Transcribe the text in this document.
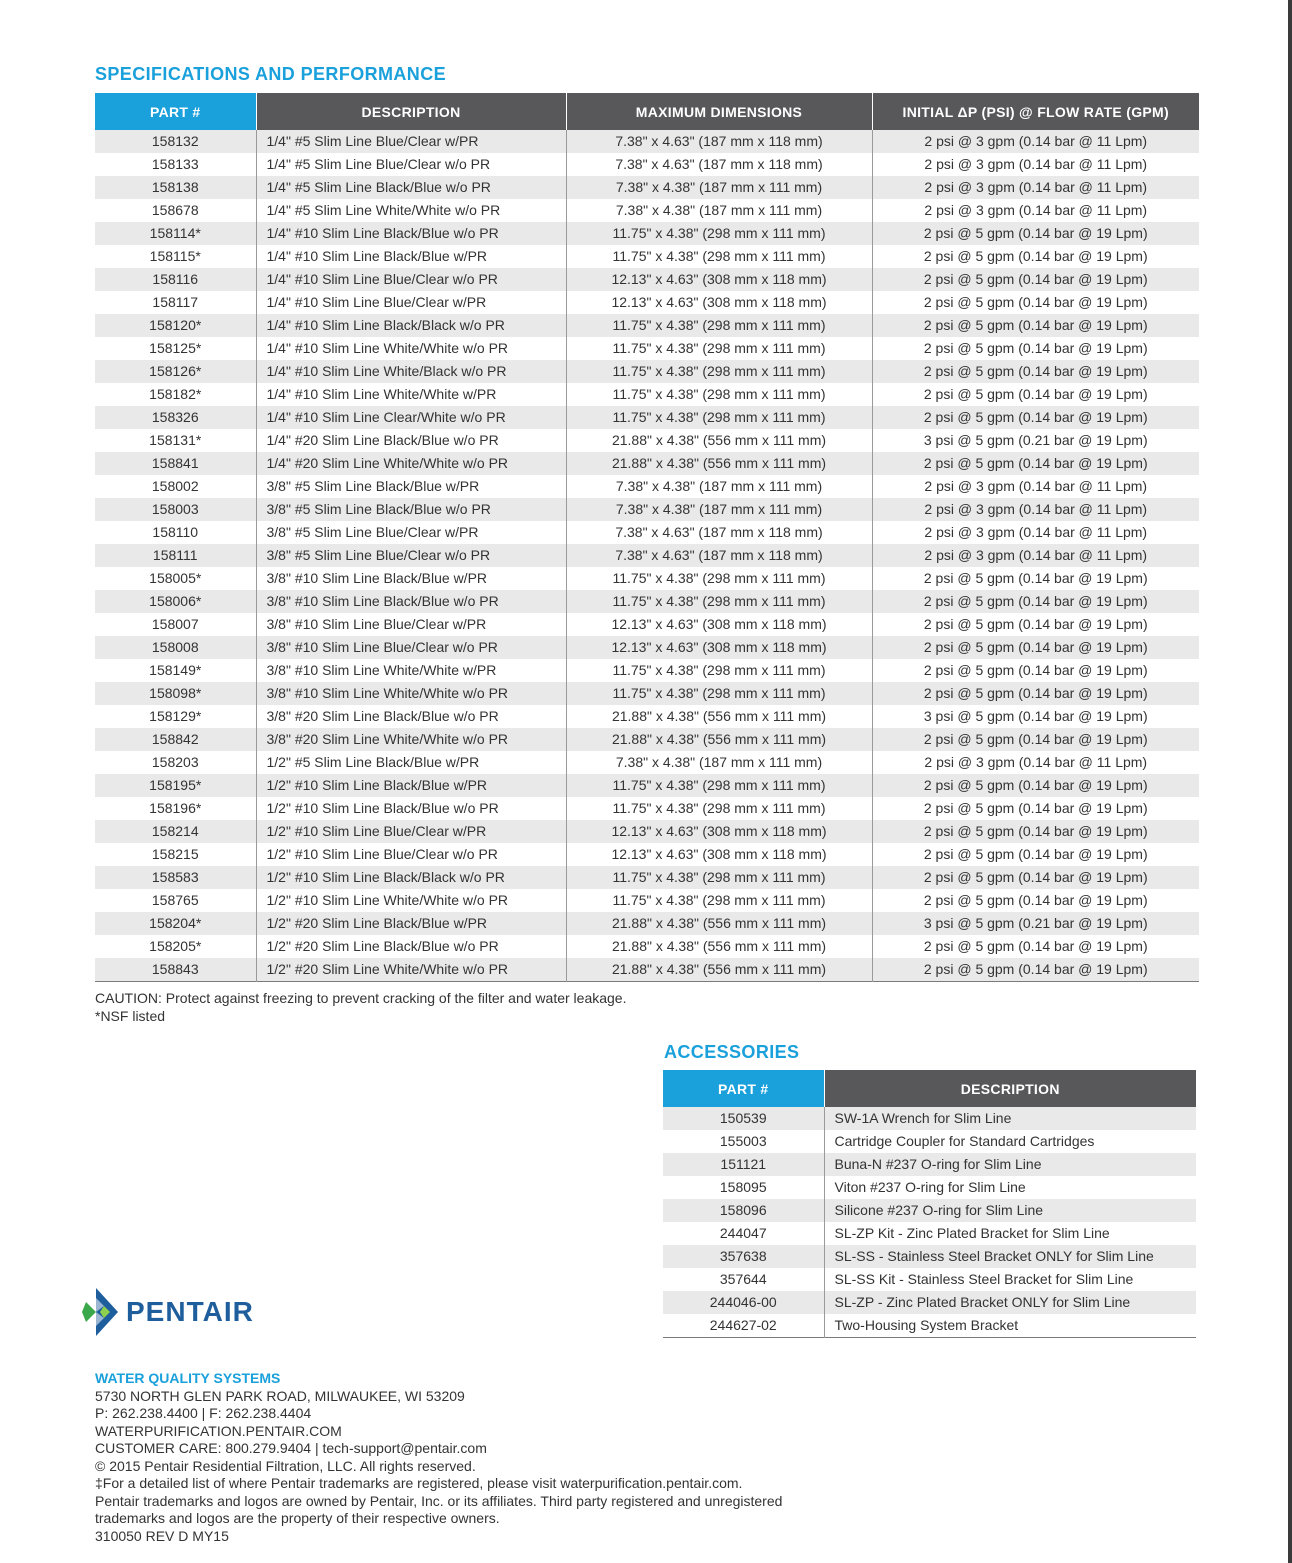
SPECIFICATIONS AND PERFORMANCE
PART #	DESCRIPTION	MAXIMUM DIMENSIONS	INITIAL ΔP (PSI) @ FLOW RATE (GPM)
158132	1/4" #5 Slim Line Blue/Clear w/PR	7.38" x 4.63" (187 mm x 118 mm)	2 psi @ 3 gpm (0.14 bar @ 11 Lpm)
158133	1/4" #5 Slim Line Blue/Clear w/o PR	7.38" x 4.63" (187 mm x 118 mm)	2 psi @ 3 gpm (0.14 bar @ 11 Lpm)
158138	1/4" #5 Slim Line Black/Blue w/o PR	7.38" x 4.38" (187 mm x 111 mm)	2 psi @ 3 gpm (0.14 bar @ 11 Lpm)
158678	1/4" #5 Slim Line White/White w/o PR	7.38" x 4.38" (187 mm x 111 mm)	2 psi @ 3 gpm (0.14 bar @ 11 Lpm)
158114*	1/4" #10 Slim Line Black/Blue w/o PR	11.75" x 4.38" (298 mm x 111 mm)	2 psi @ 5 gpm (0.14 bar @ 19 Lpm)
158115*	1/4" #10 Slim Line Black/Blue w/PR	11.75" x 4.38" (298 mm x 111 mm)	2 psi @ 5 gpm (0.14 bar @ 19 Lpm)
158116	1/4" #10 Slim Line Blue/Clear w/o PR	12.13" x 4.63" (308 mm x 118 mm)	2 psi @ 5 gpm (0.14 bar @ 19 Lpm)
158117	1/4" #10 Slim Line Blue/Clear w/PR	12.13" x 4.63" (308 mm x 118 mm)	2 psi @ 5 gpm (0.14 bar @ 19 Lpm)
158120*	1/4" #10 Slim Line Black/Black w/o PR	11.75" x 4.38" (298 mm x 111 mm)	2 psi @ 5 gpm (0.14 bar @ 19 Lpm)
158125*	1/4" #10 Slim Line White/White w/o PR	11.75" x 4.38" (298 mm x 111 mm)	2 psi @ 5 gpm (0.14 bar @ 19 Lpm)
158126*	1/4" #10 Slim Line White/Black w/o PR	11.75" x 4.38" (298 mm x 111 mm)	2 psi @ 5 gpm (0.14 bar @ 19 Lpm)
158182*	1/4" #10 Slim Line White/White w/PR	11.75" x 4.38" (298 mm x 111 mm)	2 psi @ 5 gpm (0.14 bar @ 19 Lpm)
158326	1/4" #10 Slim Line Clear/White w/o PR	11.75" x 4.38" (298 mm x 111 mm)	2 psi @ 5 gpm (0.14 bar @ 19 Lpm)
158131*	1/4" #20 Slim Line Black/Blue w/o PR	21.88" x 4.38" (556 mm x 111 mm)	3 psi @ 5 gpm (0.21 bar @ 19 Lpm)
158841	1/4" #20 Slim Line White/White w/o PR	21.88" x 4.38" (556 mm x 111 mm)	2 psi @ 5 gpm (0.14 bar @ 19 Lpm)
158002	3/8" #5 Slim Line Black/Blue w/PR	7.38" x 4.38" (187 mm x 111 mm)	2 psi @ 3 gpm (0.14 bar @ 11 Lpm)
158003	3/8" #5 Slim Line Black/Blue w/o PR	7.38" x 4.38" (187 mm x 111 mm)	2 psi @ 3 gpm (0.14 bar @ 11 Lpm)
158110	3/8" #5 Slim Line Blue/Clear w/PR	7.38" x 4.63" (187 mm x 118 mm)	2 psi @ 3 gpm (0.14 bar @ 11 Lpm)
158111	3/8" #5 Slim Line Blue/Clear w/o PR	7.38" x 4.63" (187 mm x 118 mm)	2 psi @ 3 gpm (0.14 bar @ 11 Lpm)
158005*	3/8" #10 Slim Line Black/Blue w/PR	11.75" x 4.38" (298 mm x 111 mm)	2 psi @ 5 gpm (0.14 bar @ 19 Lpm)
158006*	3/8" #10 Slim Line Black/Blue w/o PR	11.75" x 4.38" (298 mm x 111 mm)	2 psi @ 5 gpm (0.14 bar @ 19 Lpm)
158007	3/8" #10 Slim Line Blue/Clear w/PR	12.13" x 4.63" (308 mm x 118 mm)	2 psi @ 5 gpm (0.14 bar @ 19 Lpm)
158008	3/8" #10 Slim Line Blue/Clear w/o PR	12.13" x 4.63" (308 mm x 118 mm)	2 psi @ 5 gpm (0.14 bar @ 19 Lpm)
158149*	3/8" #10 Slim Line White/White w/PR	11.75" x 4.38" (298 mm x 111 mm)	2 psi @ 5 gpm (0.14 bar @ 19 Lpm)
158098*	3/8" #10 Slim Line White/White w/o PR	11.75" x 4.38" (298 mm x 111 mm)	2 psi @ 5 gpm (0.14 bar @ 19 Lpm)
158129*	3/8" #20 Slim Line Black/Blue w/o PR	21.88" x 4.38" (556 mm x 111 mm)	3 psi @ 5 gpm (0.14 bar @ 19 Lpm)
158842	3/8" #20 Slim Line White/White w/o PR	21.88" x 4.38" (556 mm x 111 mm)	2 psi @ 5 gpm (0.14 bar @ 19 Lpm)
158203	1/2" #5 Slim Line Black/Blue w/PR	7.38" x 4.38" (187 mm x 111 mm)	2 psi @ 3 gpm (0.14 bar @ 11 Lpm)
158195*	1/2" #10 Slim Line Black/Blue w/PR	11.75" x 4.38" (298 mm x 111 mm)	2 psi @ 5 gpm (0.14 bar @ 19 Lpm)
158196*	1/2" #10 Slim Line Black/Blue w/o PR	11.75" x 4.38" (298 mm x 111 mm)	2 psi @ 5 gpm (0.14 bar @ 19 Lpm)
158214	1/2" #10 Slim Line Blue/Clear w/PR	12.13" x 4.63" (308 mm x 118 mm)	2 psi @ 5 gpm (0.14 bar @ 19 Lpm)
158215	1/2" #10 Slim Line Blue/Clear w/o PR	12.13" x 4.63" (308 mm x 118 mm)	2 psi @ 5 gpm (0.14 bar @ 19 Lpm)
158583	1/2" #10 Slim Line Black/Black w/o PR	11.75" x 4.38" (298 mm x 111 mm)	2 psi @ 5 gpm (0.14 bar @ 19 Lpm)
158765	1/2" #10 Slim Line White/White w/o PR	11.75" x 4.38" (298 mm x 111 mm)	2 psi @ 5 gpm (0.14 bar @ 19 Lpm)
158204*	1/2" #20 Slim Line Black/Blue w/PR	21.88" x 4.38" (556 mm x 111 mm)	3 psi @ 5 gpm (0.21 bar @ 19 Lpm)
158205*	1/2" #20 Slim Line Black/Blue w/o PR	21.88" x 4.38" (556 mm x 111 mm)	2 psi @ 5 gpm (0.14 bar @ 19 Lpm)
158843	1/2" #20 Slim Line White/White w/o PR	21.88" x 4.38" (556 mm x 111 mm)	2 psi @ 5 gpm (0.14 bar @ 19 Lpm)
CAUTION: Protect against freezing to prevent cracking of the filter and water leakage.
*NSF listed
ACCESSORIES
PART #	DESCRIPTION
150539	SW-1A Wrench for Slim Line
155003	Cartridge Coupler for Standard Cartridges
151121	Buna-N #237 O-ring for Slim Line
158095	Viton #237 O-ring for Slim Line
158096	Silicone #237 O-ring for Slim Line
244047	SL-ZP Kit - Zinc Plated Bracket for Slim Line
357638	SL-SS - Stainless Steel Bracket ONLY for Slim Line
357644	SL-SS Kit - Stainless Steel Bracket for Slim Line
244046-00	SL-ZP - Zinc Plated Bracket ONLY for Slim Line
244627-02	Two-Housing System Bracket
PENTAIR
WATER QUALITY SYSTEMS
5730 NORTH GLEN PARK ROAD, MILWAUKEE, WI 53209
P: 262.238.4400 | F: 262.238.4404
WATERPURIFICATION.PENTAIR.COM
CUSTOMER CARE: 800.279.9404 | tech-support@pentair.com
© 2015 Pentair Residential Filtration, LLC. All rights reserved.
‡For a detailed list of where Pentair trademarks are registered, please visit waterpurification.pentair.com.
Pentair trademarks and logos are owned by Pentair, Inc. or its affiliates. Third party registered and unregistered
trademarks and logos are the property of their respective owners.
310050 REV D MY15
